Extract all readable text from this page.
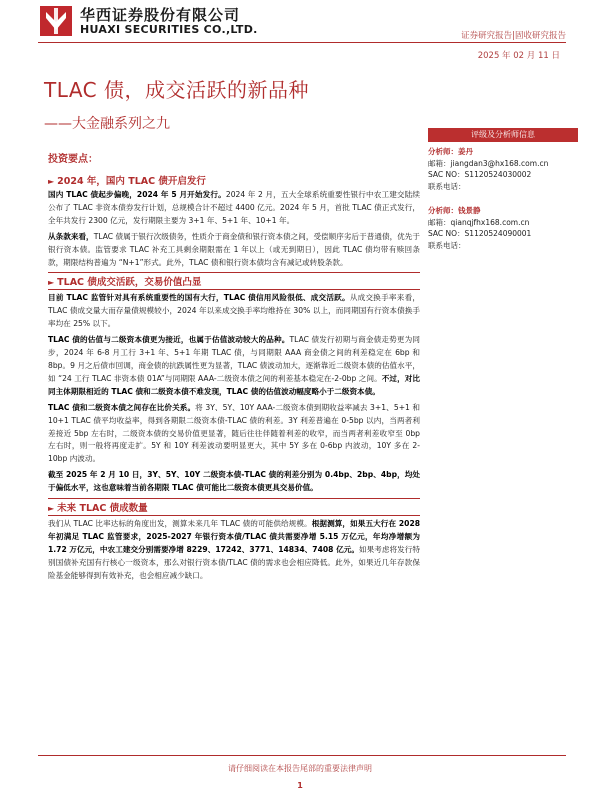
华西证券股份有限公司
HUAXI SECURITIES CO.,LTD.	证券研究报告|固收研究报告
2025 年 02 月 11 日
TLAC 债，成交活跃的新品种
——大金融系列之九
评级及分析师信息
分析师：姜丹
邮箱：jiangdan3@hx168.com.cn
SAC NO：S1120524030002
联系电话：
分析师：钱景静
邮箱：qianqjfhx168.com.cn
SAC NO：S1120524090001
联系电话：
投资要点：
► 2024 年，国内 TLAC 债开启发行

国内 TLAC 债起步偏晚，2024 年 5 月开始发行。2024 年 2 月，五大全球系统重要性银行中农工建交陆续公布了 TLAC 非资本债券发行计划，总规模合计不超过 4400 亿元。2024 年 5 月，首批 TLAC 债正式发行，全年共发行 2300 亿元，发行期限主要为 3+1 年、5+1 年、10+1 年。

从条款来看，TLAC 债属于银行次级债务，性质介于商金债和银行资本债之间，受偿顺序劣后于普通债，优先于银行资本债。监管要求 TLAC 补充工具剩余期限需在 1 年以上（或无到期日），因此 TLAC 债均带有赎回条款，期限结构普遍为 “N+1”形式。此外，TLAC 债和银行资本债均含有减记或转股条款。

► TLAC 债成交活跃，交易价值凸显

目前 TLAC 监管针对具有系统重要性的国有大行，TLAC 债信用风险很低、成交活跃。从成交换手率来看，TLAC 债成交量大而存量债规模较小，2024 年以来成交换手率均维持在 30% 以上，而同期国有行资本债换手率均在 25% 以下。

TLAC 债的估值与二级资本债更为接近，也属于估值波动较大的品种。TLAC 债发行初期与商金债走势更为同步，2024 年 6-8 月工行 3+1 年、5+1 年期 TLAC 债，与同期限 AAA 商金债之间的利差稳定在 6bp 和 8bp。9 月之后债市回调，商金债的抗跌属性更为显著，TLAC 债波动加大，逐渐靠近二级资本债的估值水平，如 “24 工行 TLAC 非资本债 01A”与同期限 AAA-二级资本债之间的利差基本稳定在-2-0bp 之间。不过，对比同主体期限相近的 TLAC 债和二级资本债不难发现，TLAC 债的估值波动幅度略小于二级资本债。

TLAC 债和二级资本债之间存在比价关系。将 3Y、5Y、10Y AAA-二级资本债到期收益率减去 3+1、5+1 和 10+1 TLAC 债平均收益率，得到各期限二级资本债-TLAC 债的利差。3Y 利差普遍在 0-5bp 以内，当两者利差接近 5bp 左右时，二级资本债的交易价值更显著，随后往往伴随着利差的收窄，而当两者利差收窄至 0bp 左右时，则一般将再度走扩。5Y 和 10Y 利差波动要明显更大，其中 5Y 多在 0-6bp 内波动，10Y 多在 2-10bp 内波动。

截至 2025 年 2 月 10 日，3Y、5Y、10Y 二级资本债-TLAC 债的利差分别为 0.4bp、2bp、4bp，均处于偏低水平，这也意味着当前各期限 TLAC 债可能比二级资本债更具交易价值。

► 未来 TLAC 债成数量

我们从 TLAC 比率达标的角度出发，测算未来几年 TLAC 债的可能供给规模。根据测算，如果五大行在 2028 年初满足 TLAC 监管要求，2025-2027 年银行资本债/TLAC 债共需要净增 5.15 万亿元，年均净增额为 1.72 万亿元，中农工建交分别需要净增 8229、17242、3771、14834、7408 亿元。如果考虑将发行特别国债补充国有行核心一级资本，那么对银行资本债/TLAC 债的需求也会相应降低。此外，如果近几年存款保险基金能够得到有效补充，也会相应减少缺口。

请仔细阅读在本报告尾部的重要法律声明
1
